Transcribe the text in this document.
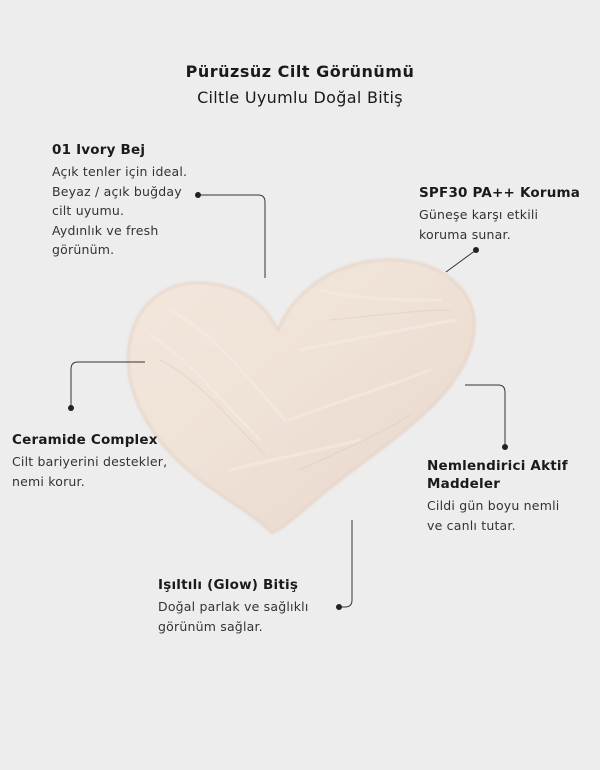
Pürüzsüz Cilt Görünümü
Ciltle Uyumlu Doğal Bitiş
01 Ivory Bej
Açık tenler için ideal.
Beyaz / açık buğday
cilt uyumu.
Aydınlık ve fresh
görünüm.
SPF30 PA++ Koruma
Güneşe karşı etkili
koruma sunar.
Ceramide Complex
Cilt bariyerini destekler,
nemi korur.
Nemlendirici Aktif
Maddeler
Cildi gün boyu nemli
ve canlı tutar.
Işıltılı (Glow) Bitiş
Doğal parlak ve sağlıklı
görünüm sağlar.
